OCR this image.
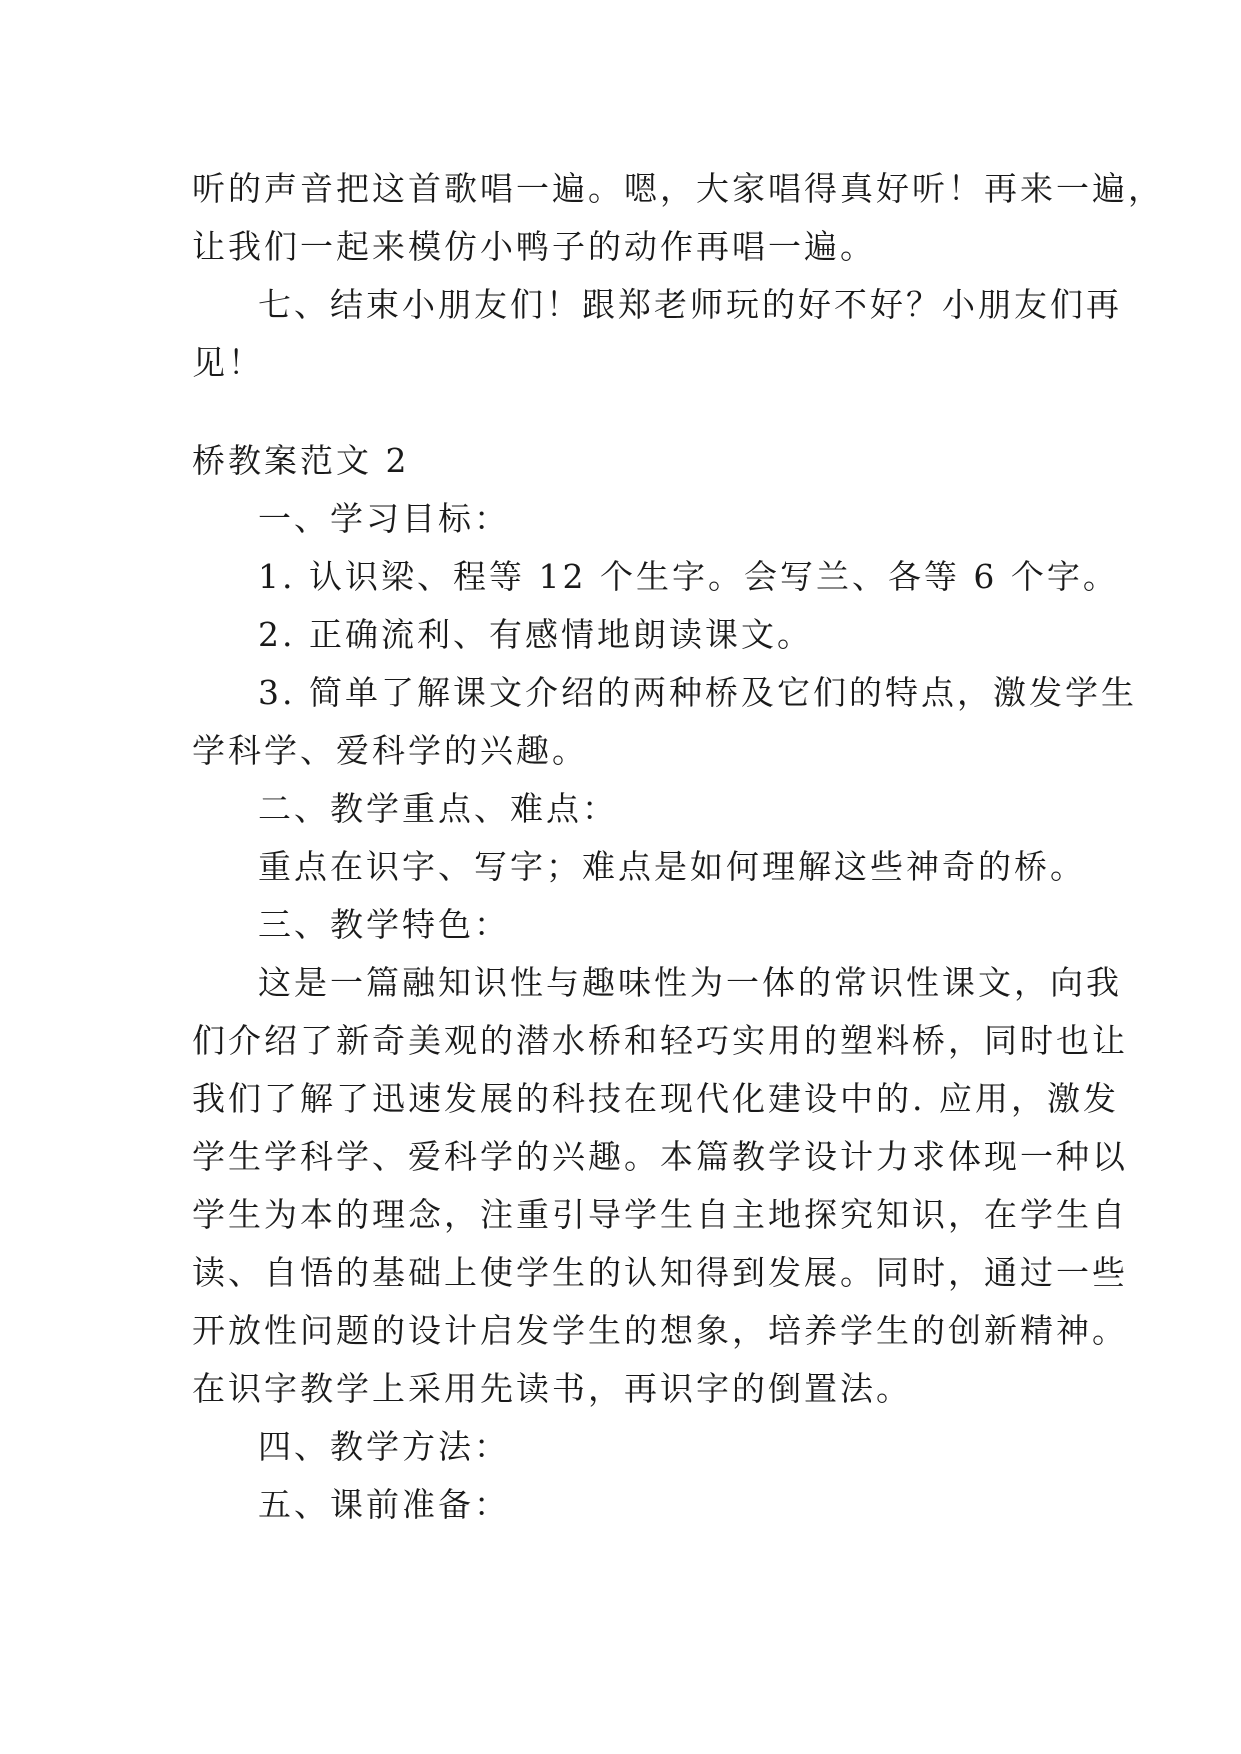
听的声音把这首歌唱一遍。嗯，大家唱得真好听！再来一遍，
让我们一起来模仿小鸭子的动作再唱一遍。
七、结束小朋友们！跟郑老师玩的好不好？小朋友们再
见！
桥教案范文 2
一、学习目标：
1. 认识梁、程等 12 个生字。会写兰、各等 6 个字。
2. 正确流利、有感情地朗读课文。
3. 简单了解课文介绍的两种桥及它们的特点，激发学生
学科学、爱科学的兴趣。
二、教学重点、难点：
重点在识字、写字；难点是如何理解这些神奇的桥。
三、教学特色：
这是一篇融知识性与趣味性为一体的常识性课文，向我
们介绍了新奇美观的潜水桥和轻巧实用的塑料桥，同时也让
我们了解了迅速发展的科技在现代化建设中的. 应用，激发
学生学科学、爱科学的兴趣。本篇教学设计力求体现一种以
学生为本的理念，注重引导学生自主地探究知识，在学生自
读、自悟的基础上使学生的认知得到发展。同时，通过一些
开放性问题的设计启发学生的想象，培养学生的创新精神。
在识字教学上采用先读书，再识字的倒置法。
四、教学方法：
五、课前准备：
